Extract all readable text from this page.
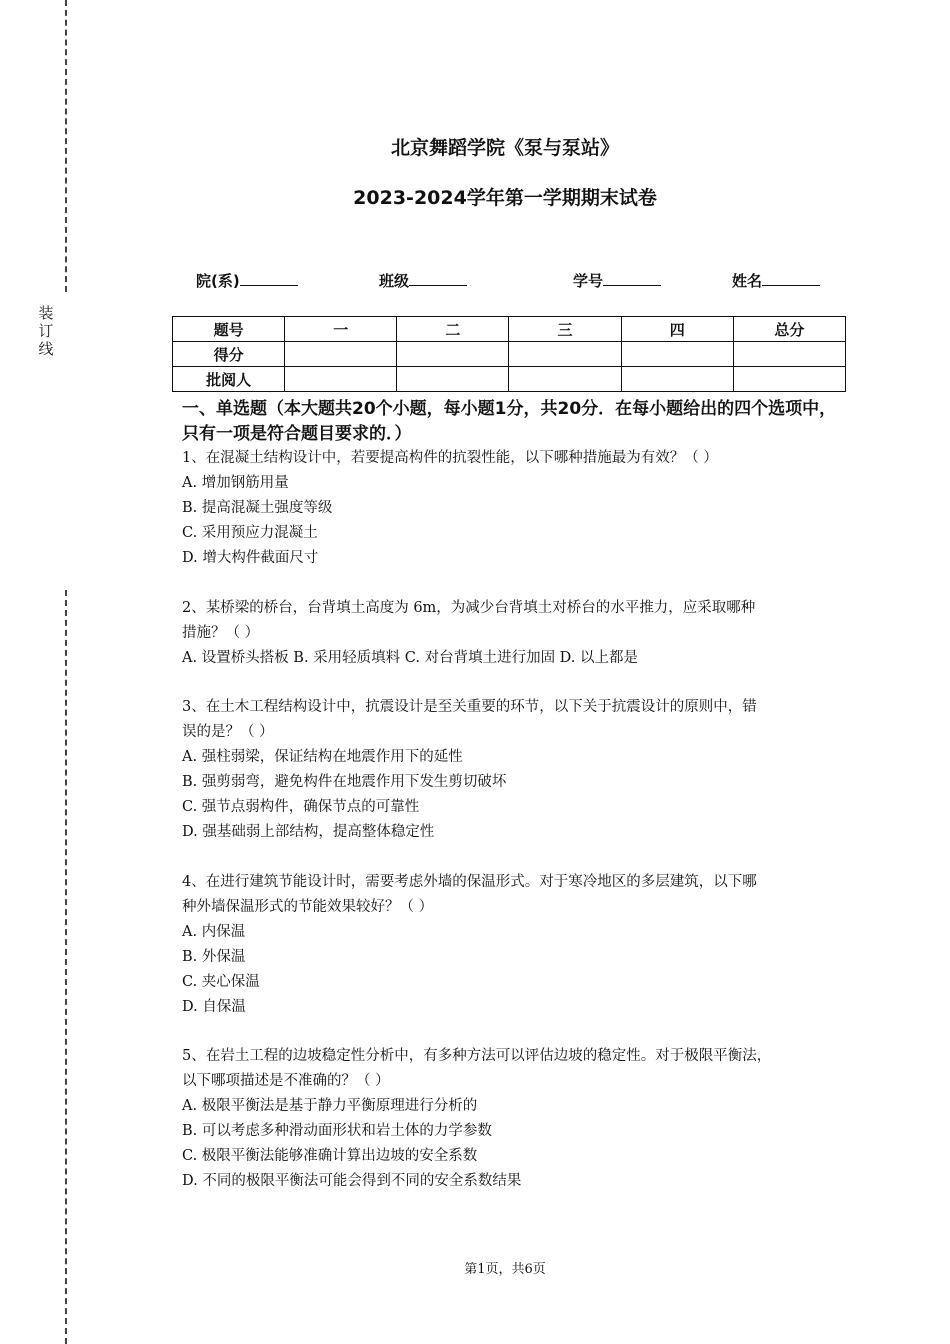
装
订
线
北京舞蹈学院《泵与泵站》
2023-2024学年第一学期期末试卷
院(系)	班级	学号	姓名
题号	一	二	三	四	总分
得分					
批阅人					
一、单选题（本大题共20个小题，每小题1分，共20分．在每小题给出的四个选项中，只有一项是符合题目要求的．）
1、在混凝土结构设计中，若要提高构件的抗裂性能，以下哪种措施最为有效？（ ）
A. 增加钢筋用量
B. 提高混凝土强度等级
C. 采用预应力混凝土
D. 增大构件截面尺寸
2、某桥梁的桥台，台背填土高度为 6m，为减少台背填土对桥台的水平推力，应采取哪种
措施？（ ）
A. 设置桥头搭板 B. 采用轻质填料 C. 对台背填土进行加固 D. 以上都是
3、在土木工程结构设计中，抗震设计是至关重要的环节，以下关于抗震设计的原则中，错
误的是？（ ）
A. 强柱弱梁，保证结构在地震作用下的延性
B. 强剪弱弯，避免构件在地震作用下发生剪切破坏
C. 强节点弱构件，确保节点的可靠性
D. 强基础弱上部结构，提高整体稳定性
4、在进行建筑节能设计时，需要考虑外墙的保温形式。对于寒冷地区的多层建筑，以下哪
种外墙保温形式的节能效果较好？（ ）
A. 内保温
B. 外保温
C. 夹心保温
D. 自保温
5、在岩土工程的边坡稳定性分析中，有多种方法可以评估边坡的稳定性。对于极限平衡法，
以下哪项描述是不准确的？（ ）
A. 极限平衡法是基于静力平衡原理进行分析的
B. 可以考虑多种滑动面形状和岩土体的力学参数
C. 极限平衡法能够准确计算出边坡的安全系数
D. 不同的极限平衡法可能会得到不同的安全系数结果
第1页，共6页
